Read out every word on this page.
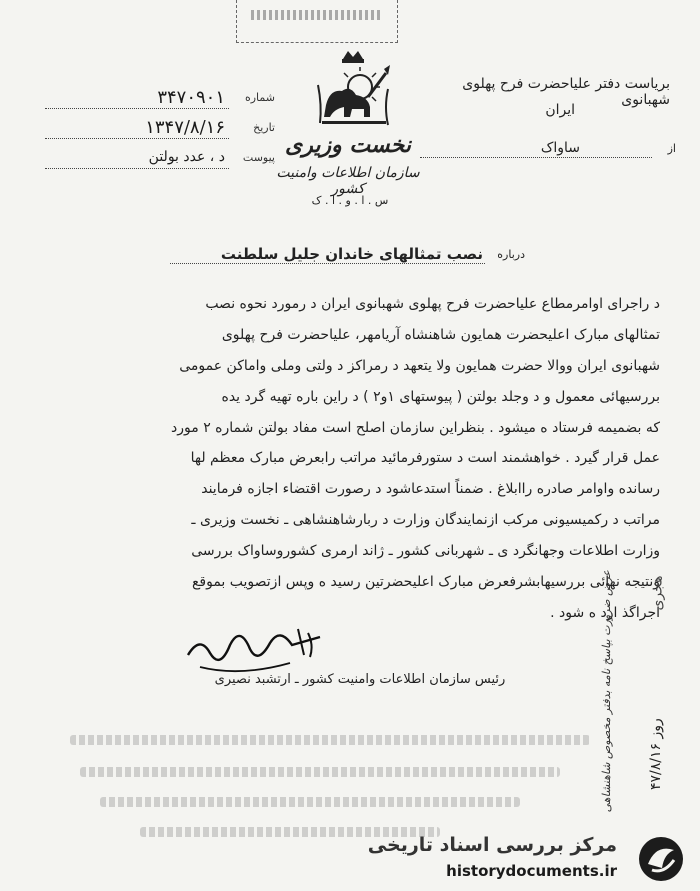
شماره
۳۴۷۰۹۰۱
تاریخ
۱۳۴۷/۸/۱۶
پیوست
د ، عدد بولتن	نخست وزیری
سازمان اطلاعات وامنیت کشور
س . ا . و . ا . ک
بریاست دفتر علیاحضرت فرح پهلوی شهبانوی
ایران
از
ساواک
درباره
نصب تمثالهای خاندان جلیل سلطنت
د راجرای اوامرمطاع علیاحضرت فرح پهلوی شهبانوی ایران د رمورد نحوه نصب
تمثالهای مبارک اعلیحضرت همایون شاهنشاه آریامهر، علیاحضرت فرح پهلوی
شهبانوی ایران ووالا حضرت همایون ولا یتعهد د رمراکز د ولتی وملی واماکن عمومی
بررسیهائی معمول و د وجلد بولتن ( پیوستهای ۱و۲ ) د راین باره تهیه گرد یده
که بضمیمه فرستاد ه میشود . بنظراین سازمان اصلح است مفاد بولتن شماره ۲ مورد
عمل قرار گیرد . خواهشمند است د ستورفرمائید مراتب رابعرض مبارک معظم لها
رسانده واوامر صادره راابلاغ . ضمناً استدعاشود د رصورت اقتضاء اجازه فرمایند
مراتب د رکمیسیونی مرکب ازنمایندگان وزارت د ربارشاهنشاهی ـ نخست وزیری ـ
وزارت اطلاعات وجهانگرد ی ـ شهربانی کشور ـ ژاند ارمری کشوروساواک بررسی
ونتیجه نهائی بررسیهابشرفعرض مبارک اعلیحضرتین رسید ه وپس ازتصویب بموقع
اجراگذ ارد ه شود .
رئیس سازمان اطلاعات وامنیت کشور ـ ارتشبد نصیری	عرض ضرورت بپاسخ نامه بدفتر مخصوص شاهنشاهی	روز ۴۷/۸/۱۶
هجری
مرکز بررسی اسناد تاریخی
historydocuments.ir
